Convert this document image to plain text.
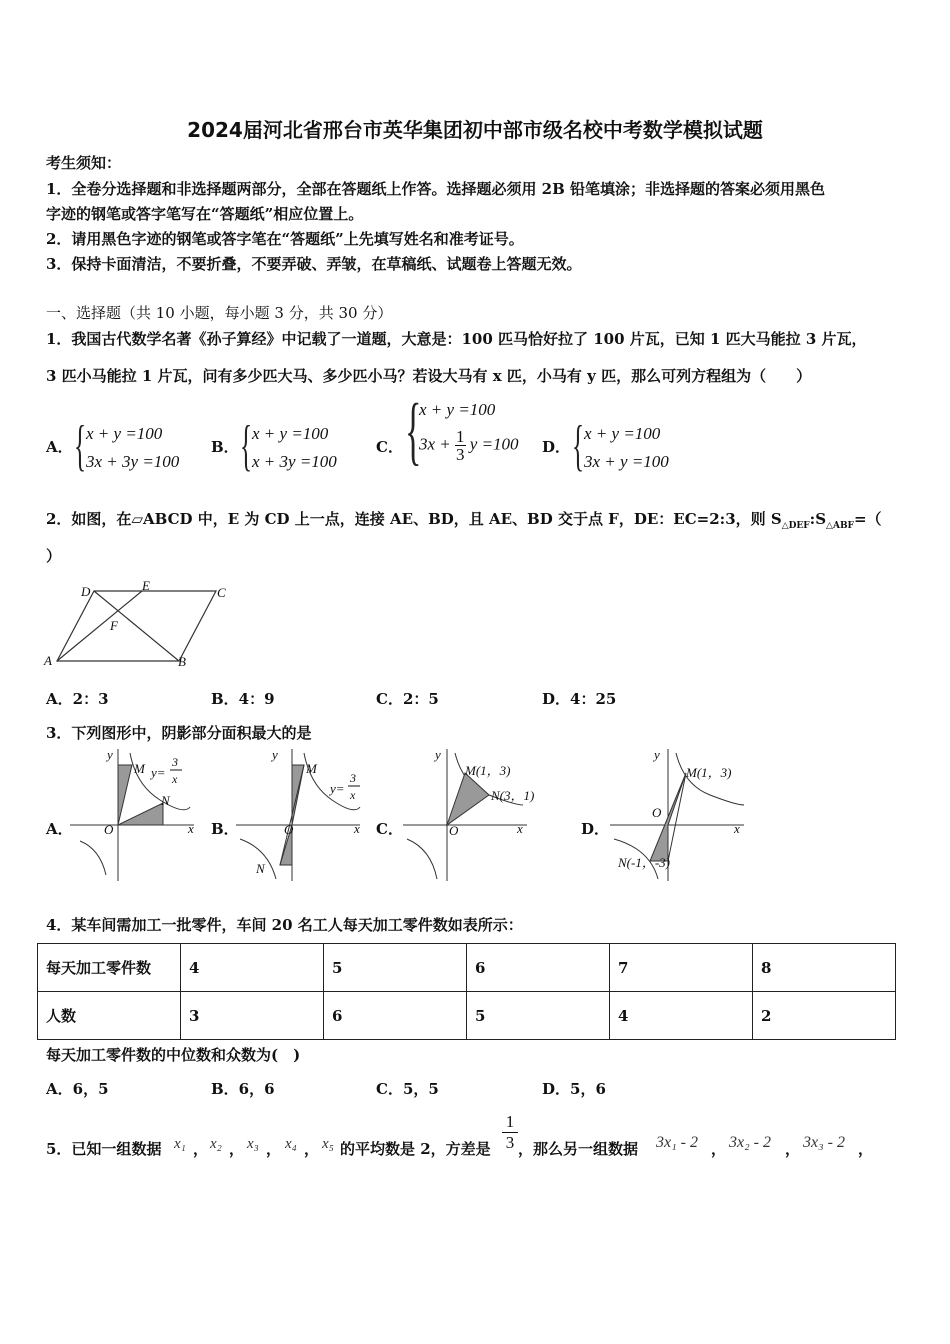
2024届河北省邢台市英华集团初中部市级名校中考数学模拟试题
考生须知：
1．全卷分选择题和非选择题两部分，全部在答题纸上作答。选择题必须用 2B 铅笔填涂；非选择题的答案必须用黑色
字迹的钢笔或答字笔写在“答题纸”相应位置上。
2．请用黑色字迹的钢笔或答字笔在“答题纸”上先填写姓名和准考证号。
3．保持卡面清洁，不要折叠，不要弄破、弄皱，在草稿纸、试题卷上答题无效。
一、选择题（共 10 小题，每小题 3 分，共 30 分）
1．我国古代数学名著《孙子算经》中记载了一道题，大意是：100 匹马恰好拉了 100 片瓦，已知 1 匹大马能拉 3 片瓦，
3 匹小马能拉 1 片瓦，问有多少匹大马、多少匹小马？若设大马有 x 匹，小马有 y 匹，那么可列方程组为（　　）
A． { x + y =100
3x + 3y =100
B． { x + y =100
x + 3y =100
C． {
x + y =100
$3x + \frac{1}{3}$ y =100 D． { x + y =100
3x + y =100
2．如图，在▱ABCD 中，E 为 CD 上一点，连接 AE、BD，且 AE、BD 交于点 F，DE：EC=2:3，则 $S_{\triangle DEF}:S_{\triangle ABF}=$（
）
A	B
C
D	E
F
A．2：3	B．4：9	C．2：5	D．4：25
3．下列图形中，阴影部分面积最大的是
A．	B．	C．	D．
x
y
O
M
N
y=
3
x
x
y
O
M
N
y=
3
x
x
y
O
M(1，3)
N(3，1)
x
y
O
M(1，3)
N(-1，-3)
4．某车间需加工一批零件，车间 20 名工人每天加工零件数如表所示：
每天加工零件数	4	5	6	7	8
人数	3	6	5	4	2
每天加工零件数的中位数和众数为(　)
A．6，5	B．6，6	C．5，5	D．5，6
5．已知一组数据 x₁ ， x₂ ， x₃ ， x₄ ， x₅ 的平均数是 2，方差是 $\frac{1}{3}$ ，那么另一组数据 3x₁ - 2 ， 3x₂ - 2 ， 3x₃ - 2 ，
